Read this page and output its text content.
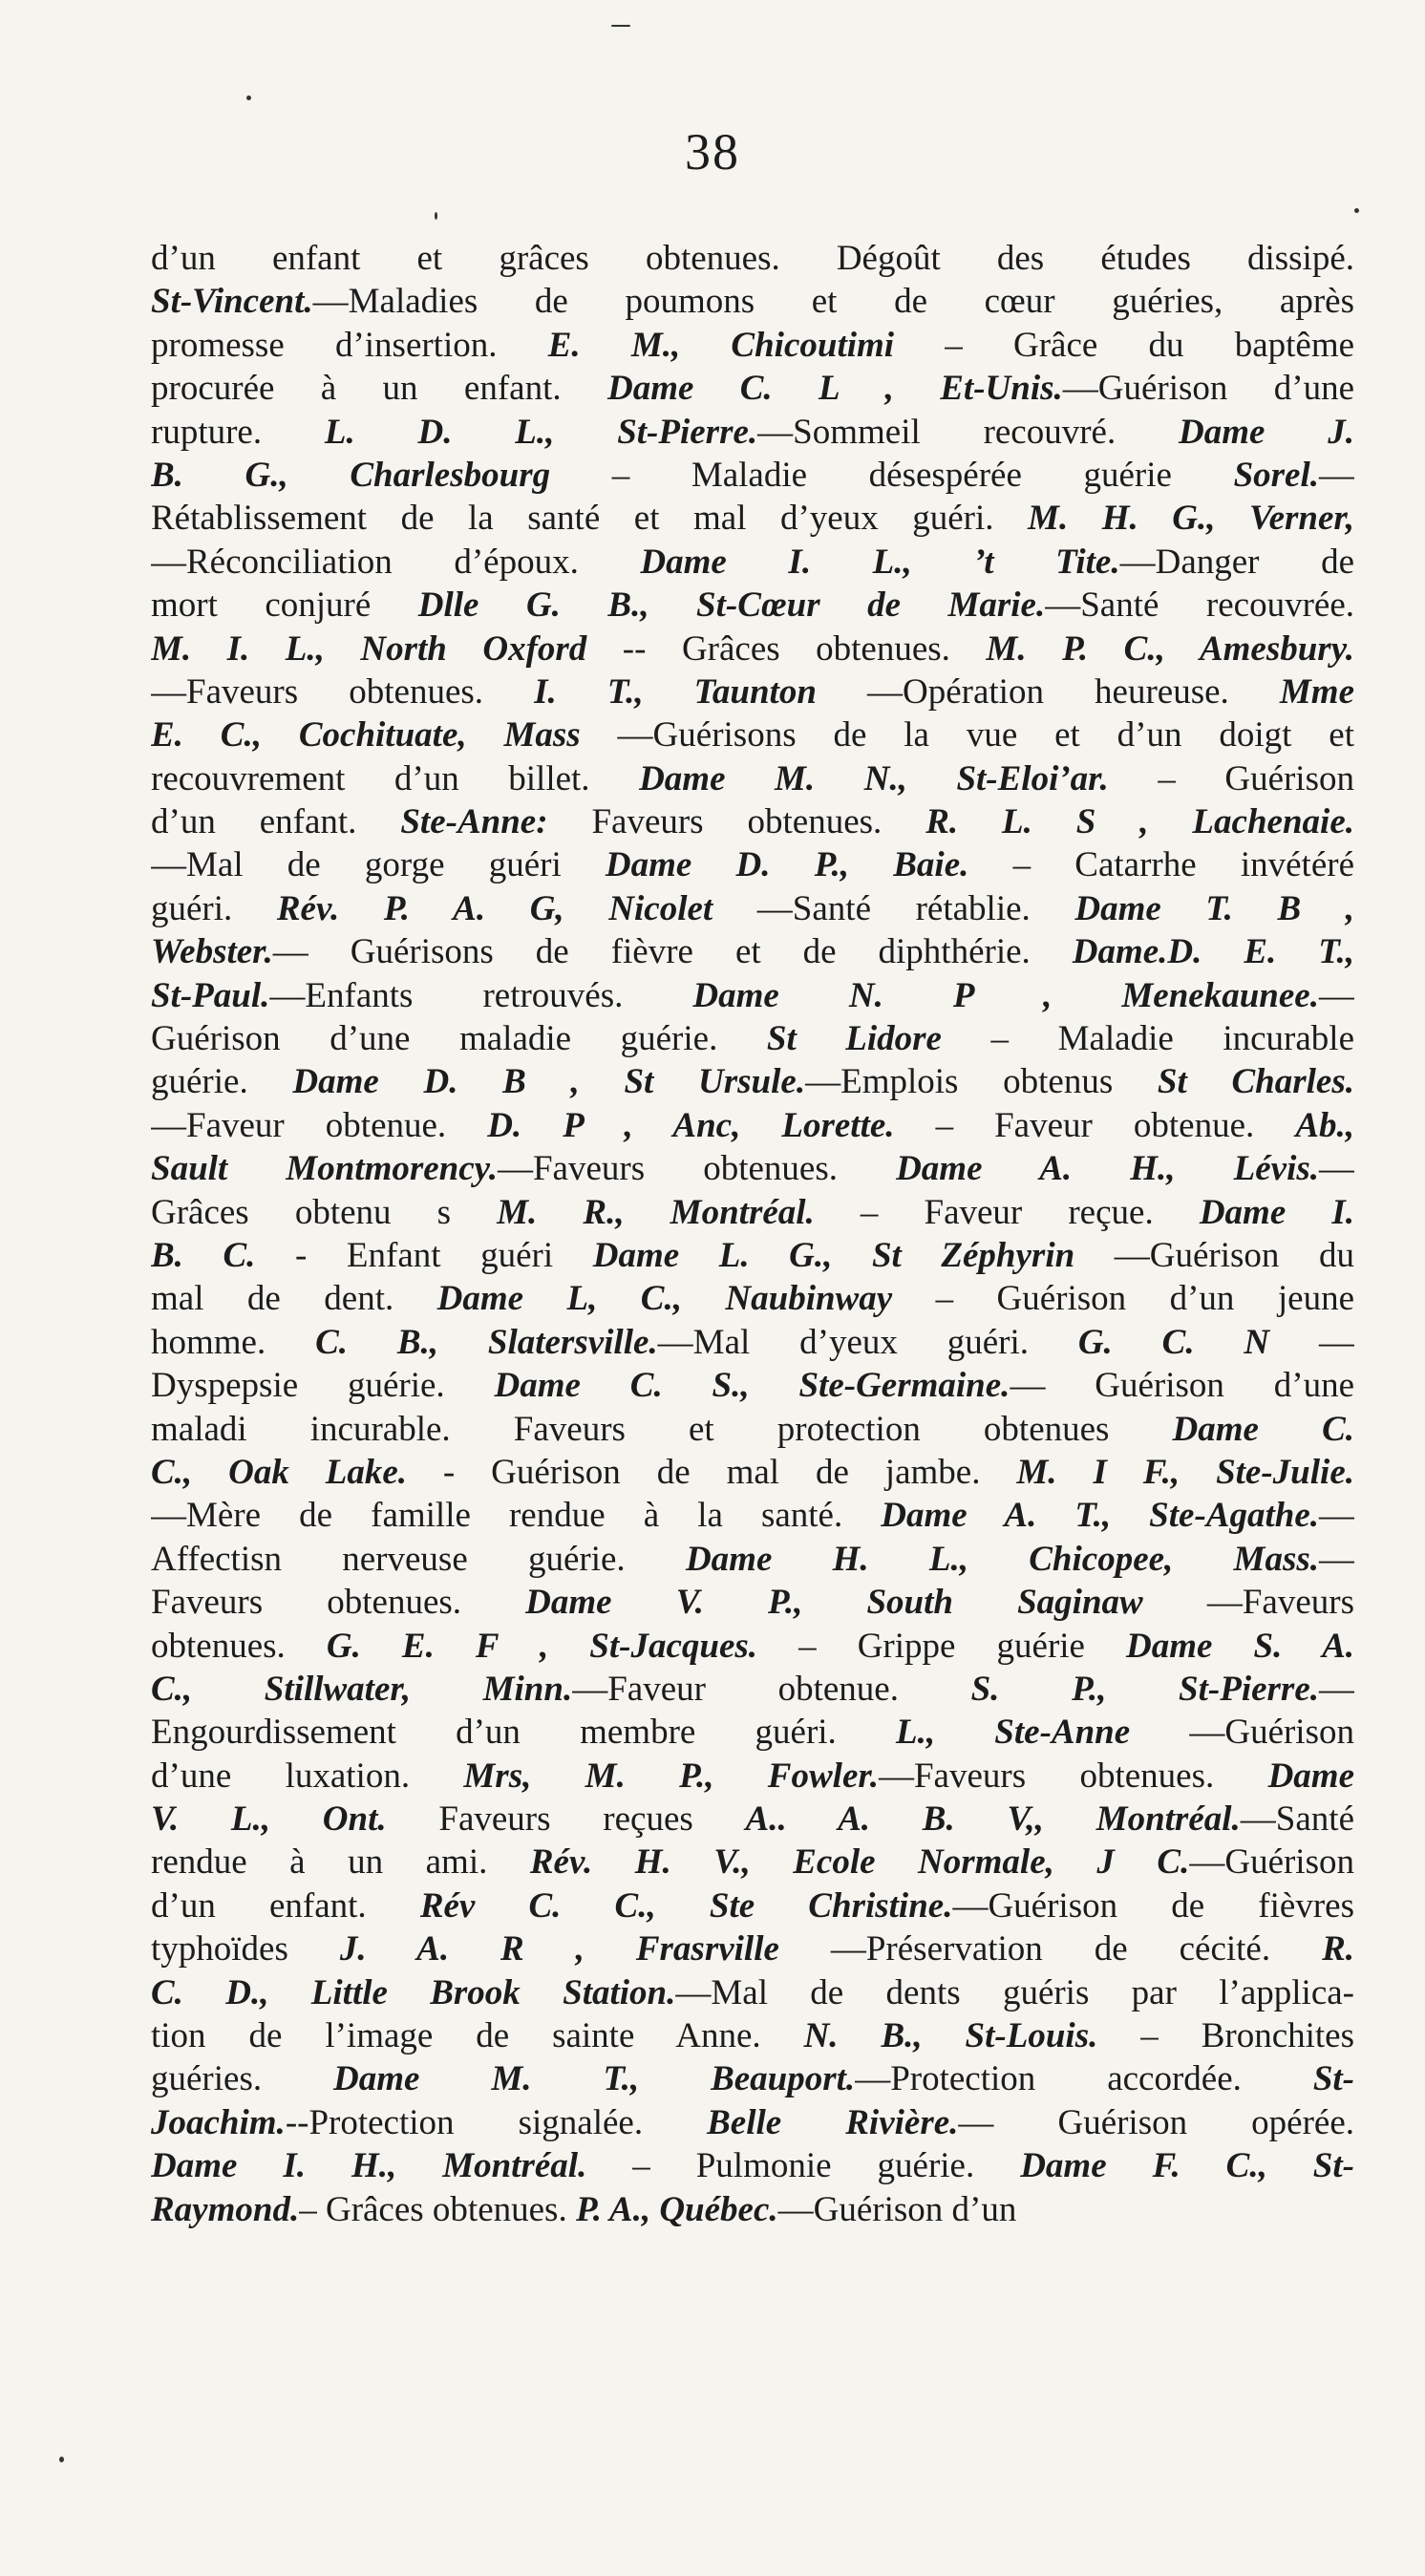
38
d’un enfant et grâces obtenues. Dégoût des études dissipé.
St-Vincent.—Maladies de poumons et de cœur guéries, après
promesse d’insertion. E. M., Chicoutimi – Grâce du baptême
procurée à un enfant. Dame C. L , Et-Unis.—Guérison d’une
rupture. L. D. L., St-Pierre.—Sommeil recouvré. Dame J.
B. G., Charlesbourg – Maladie désespérée guérie Sorel.—
Rétablissement de la santé et mal d’yeux guéri. M. H. G., Verner,
—Réconciliation d’époux. Dame I. L., ’t Tite.—Danger de
mort conjuré Dlle G. B., St-Cœur de Marie.—Santé recouvrée.
M. I. L., North Oxford -- Grâces obtenues. M. P. C., Amesbury.
—Faveurs obtenues. I. T., Taunton —Opération heureuse. Mme
E. C., Cochituate, Mass —Guérisons de la vue et d’un doigt et
recouvrement d’un billet. Dame M. N., St-Eloi’ar. – Guérison
d’un enfant. Ste-Anne: Faveurs obtenues. R. L. S , Lachenaie.
—Mal de gorge guéri Dame D. P., Baie. – Catarrhe invétéré
guéri. Rév. P. A. G, Nicolet —Santé rétablie. Dame T. B ,
Webster.— Guérisons de fièvre et de diphthérie. Dame.D. E. T.,
St-Paul.—Enfants retrouvés. Dame N. P , Menekaunee.—
Guérison d’une maladie guérie. St Lidore – Maladie incurable
guérie. Dame D. B , St Ursule.—Emplois obtenus St Charles.
—Faveur obtenue. D. P , Anc, Lorette. – Faveur obtenue. Ab.,
Sault Montmorency.—Faveurs obtenues. Dame A. H., Lévis.—
Grâces obtenu s M. R., Montréal. – Faveur reçue. Dame I.
B. C. - Enfant guéri Dame L. G., St Zéphyrin —Guérison du
mal de dent. Dame L, C., Naubinway – Guérison d’un jeune
homme. C. B., Slatersville.—Mal d’yeux guéri. G. C. N —
Dyspepsie guérie. Dame C. S., Ste-Germaine.— Guérison d’une
maladi incurable. Faveurs et protection obtenues Dame C.
C., Oak Lake. - Guérison de mal de jambe. M. I F., Ste-Julie.
—Mère de famille rendue à la santé. Dame A. T., Ste-Agathe.—
Affectisn nerveuse guérie. Dame H. L., Chicopee, Mass.—
Faveurs obtenues. Dame V. P., South Saginaw —Faveurs
obtenues. G. E. F , St-Jacques. – Grippe guérie Dame S. A.
C., Stillwater, Minn.—Faveur obtenue. S. P., St-Pierre.—
Engourdissement d’un membre guéri. L., Ste-Anne —Guérison
d’une luxation. Mrs, M. P., Fowler.—Faveurs obtenues. Dame
V. L., Ont. Faveurs reçues A.. A. B. V,, Montréal.—Santé
rendue à un ami. Rév. H. V., Ecole Normale, J C.—Guérison
d’un enfant. Rév C. C., Ste Christine.—Guérison de fièvres
typhoïdes J. A. R , Frasrville —Préservation de cécité. R.
C. D., Little Brook Station.—Mal de dents guéris par l’applica-
tion de l’image de sainte Anne. N. B., St-Louis. – Bronchites
guéries. Dame M. T., Beauport.—Protection accordée. St-
Joachim.--Protection signalée. Belle Rivière.— Guérison opérée.
Dame I. H., Montréal. – Pulmonie guérie. Dame F. C., St-
Raymond.– Grâces obtenues. P. A., Québec.—Guérison d’un
